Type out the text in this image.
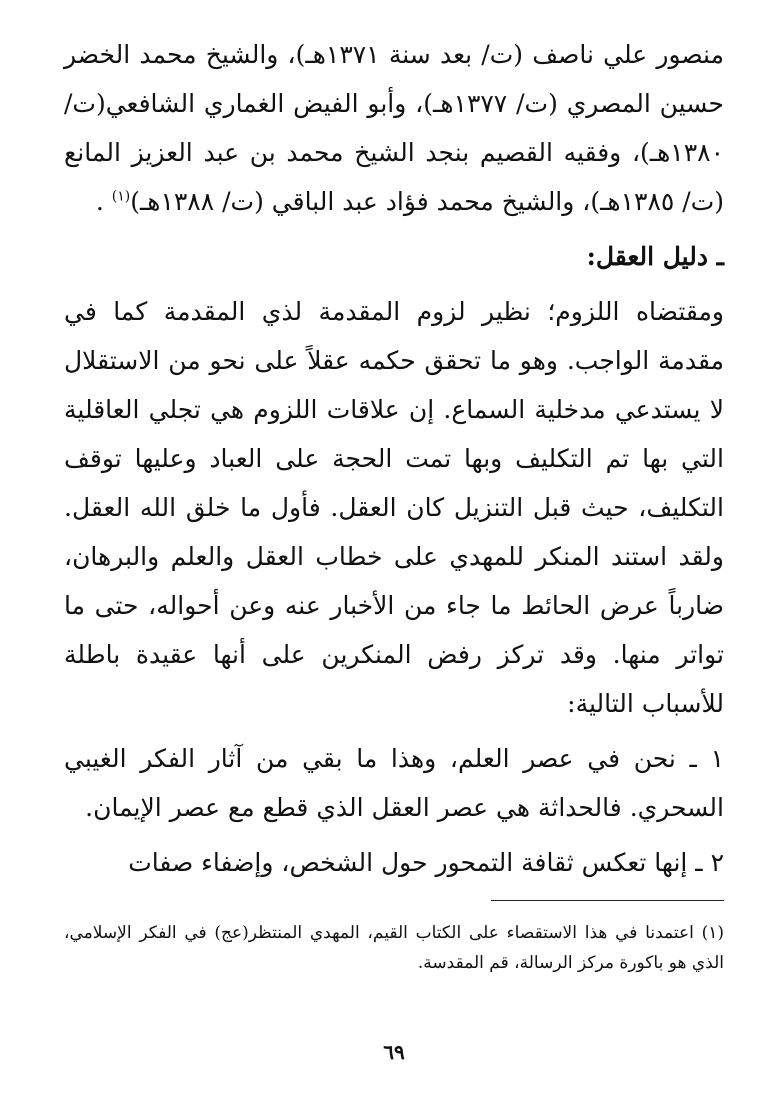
منصور علي ناصف (ت/ بعد سنة ١٣٧١هـ)، والشيخ محمد الخضر حسين المصري (ت/ ١٣٧٧هـ)، وأبو الفيض الغماري الشافعي(ت/ ١٣٨٠هـ)، وفقيه القصيم بنجد الشيخ محمد بن عبد العزيز المانع (ت/ ١٣٨٥هـ)، والشيخ محمد فؤاد عبد الباقي (ت/ ١٣٨٨هـ)$^{(١)}$ .

ـ دليل العقل:

ومقتضاه اللزوم؛ نظير لزوم المقدمة لذي المقدمة كما في مقدمة الواجب. وهو ما تحقق حكمه عقلاً على نحو من الاستقلال لا يستدعي مدخلية السماع. إن علاقات اللزوم هي تجلي العاقلية التي بها تم التكليف وبها تمت الحجة على العباد وعليها توقف التكليف، حيث قبل التنزيل كان العقل. فأول ما خلق الله العقل. ولقد استند المنكر للمهدي على خطاب العقل والعلم والبرهان، ضارباً عرض الحائط ما جاء من الأخبار عنه وعن أحواله، حتى ما تواتر منها. وقد تركز رفض المنكرين على أنها عقيدة باطلة للأسباب التالية:

١ ـ نحن في عصر العلم، وهذا ما بقي من آثار الفكر الغيبي السحري. فالحداثة هي عصر العقل الذي قطع مع عصر الإيمان.

٢ ـ إنها تعكس ثقافة التمحور حول الشخص، وإضفاء صفات

(١) اعتمدنا في هذا الاستقصاء على الكتاب القيم، المهدي المنتظر(عج) في الفكر الإسلامي، الذي هو باكورة مركز الرسالة، قم المقدسة.

٦٩
